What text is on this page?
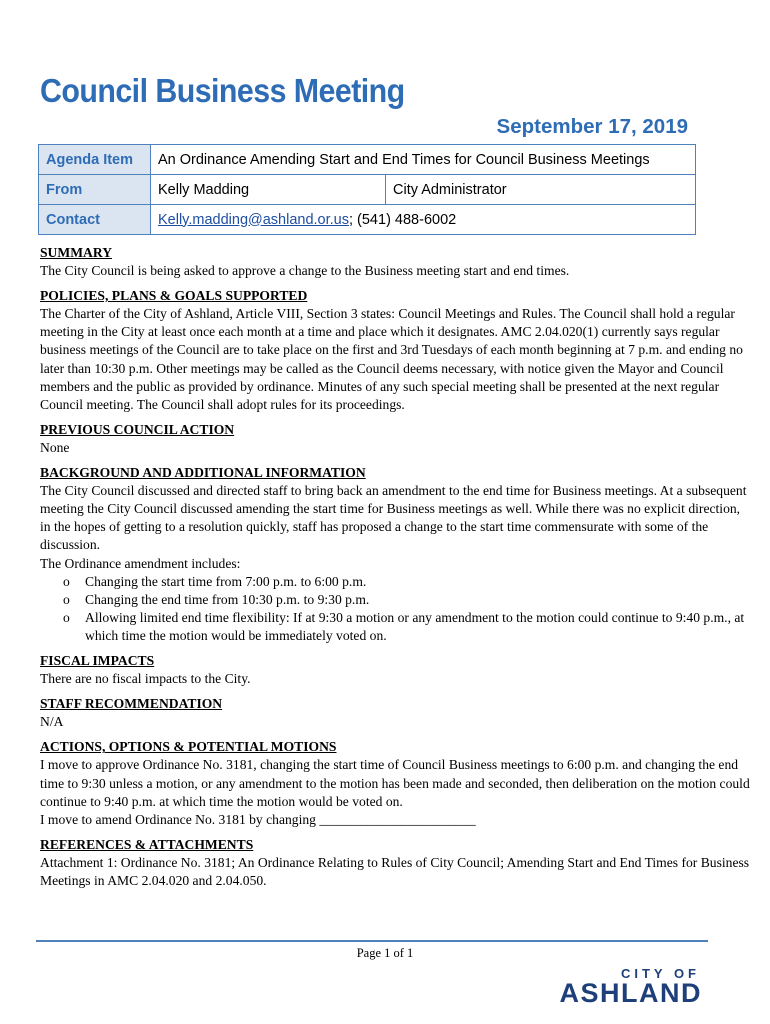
Council Business Meeting
September 17, 2019
Agenda Item	An Ordinance Amending Start and End Times for Council Business Meetings	
From	Kelly Madding	City Administrator
Contact	Kelly.madding@ashland.or.us; (541) 488-6002	
SUMMARY

The City Council is being asked to approve a change to the Business meeting start and end times.

POLICIES, PLANS & GOALS SUPPORTED

The Charter of the City of Ashland, Article VIII, Section 3 states: Council Meetings and Rules. The Council shall hold a regular meeting in the City at least once each month at a time and place which it designates. AMC 2.04.020(1) currently says regular business meetings of the Council are to take place on the first and 3rd Tuesdays of each month beginning at 7 p.m. and ending no later than 10:30 p.m. Other meetings may be called as the Council deems necessary, with notice given the Mayor and Council members and the public as provided by ordinance. Minutes of any such special meeting shall be presented at the next regular Council meeting. The Council shall adopt rules for its proceedings.

PREVIOUS COUNCIL ACTION

None

BACKGROUND AND ADDITIONAL INFORMATION

The City Council discussed and directed staff to bring back an amendment to the end time for Business meetings. At a subsequent meeting the City Council discussed amending the start time for Business meetings as well. While there was no explicit direction, in the hopes of getting to a resolution quickly, staff has proposed a change to the start time commensurate with some of the discussion.

The Ordinance amendment includes:

o Changing the start time from 7:00 p.m. to 6:00 p.m.
o Changing the end time from 10:30 p.m. to 9:30 p.m.
o Allowing limited end time flexibility: If at 9:30 a motion or any amendment to the motion could continue to 9:40 p.m., at which time the motion would be immediately voted on.
FISCAL IMPACTS

There are no fiscal impacts to the City.

STAFF RECOMMENDATION

N/A

ACTIONS, OPTIONS & POTENTIAL MOTIONS

I move to approve Ordinance No. 3181, changing the start time of Council Business meetings to 6:00 p.m. and changing the end time to 9:30 unless a motion, or any amendment to the motion has been made and seconded, then deliberation on the motion could continue to 9:40 p.m. at which time the motion would be voted on.

I move to amend Ordinance No. 3181 by changing _______________________

REFERENCES & ATTACHMENTS

Attachment 1: Ordinance No. 3181; An Ordinance Relating to Rules of City Council; Amending Start and End Times for Business Meetings in AMC 2.04.020 and 2.04.050.

Page 1 of 1
CITY OF
ASHLAND
